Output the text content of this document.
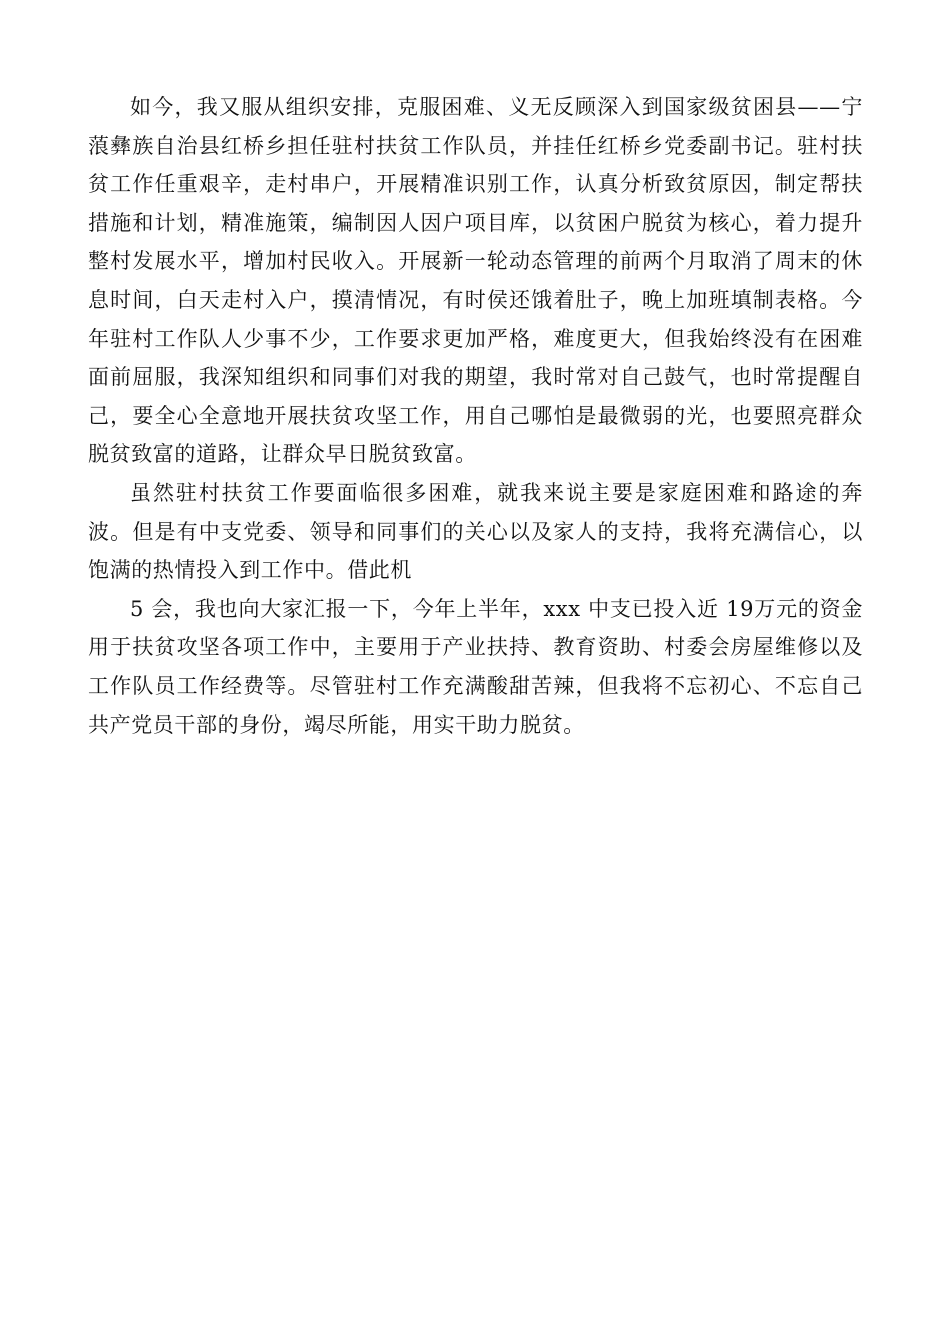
如今，我又服从组织安排，克服困难、义无反顾深入到国家级贫困县——宁蒗彝族自治县红桥乡担任驻村扶贫工作队员，并挂任红桥乡党委副书记。驻村扶贫工作任重艰辛，走村串户，开展精准识别工作，认真分析致贫原因，制定帮扶措施和计划，精准施策，编制因人因户项目库，以贫困户脱贫为核心，着力提升整村发展水平，增加村民收入。开展新一轮动态管理的前两个月取消了周末的休息时间，白天走村入户，摸清情况，有时侯还饿着肚子，晚上加班填制表格。今年驻村工作队人少事不少，工作要求更加严格，难度更大，但我始终没有在困难面前屈服，我深知组织和同事们对我的期望，我时常对自己鼓气，也时常提醒自己，要全心全意地开展扶贫攻坚工作，用自己哪怕是最微弱的光，也要照亮群众脱贫致富的道路，让群众早日脱贫致富。

虽然驻村扶贫工作要面临很多困难，就我来说主要是家庭困难和路途的奔波。但是有中支党委、领导和同事们的关心以及家人的支持，我将充满信心，以饱满的热情投入到工作中。借此机

5 会，我也向大家汇报一下，今年上半年，xxx 中支已投入近 19万元的资金用于扶贫攻坚各项工作中，主要用于产业扶持、教育资助、村委会房屋维修以及工作队员工作经费等。尽管驻村工作充满酸甜苦辣，但我将不忘初心、不忘自己共产党员干部的身份，竭尽所能，用实干助力脱贫。
